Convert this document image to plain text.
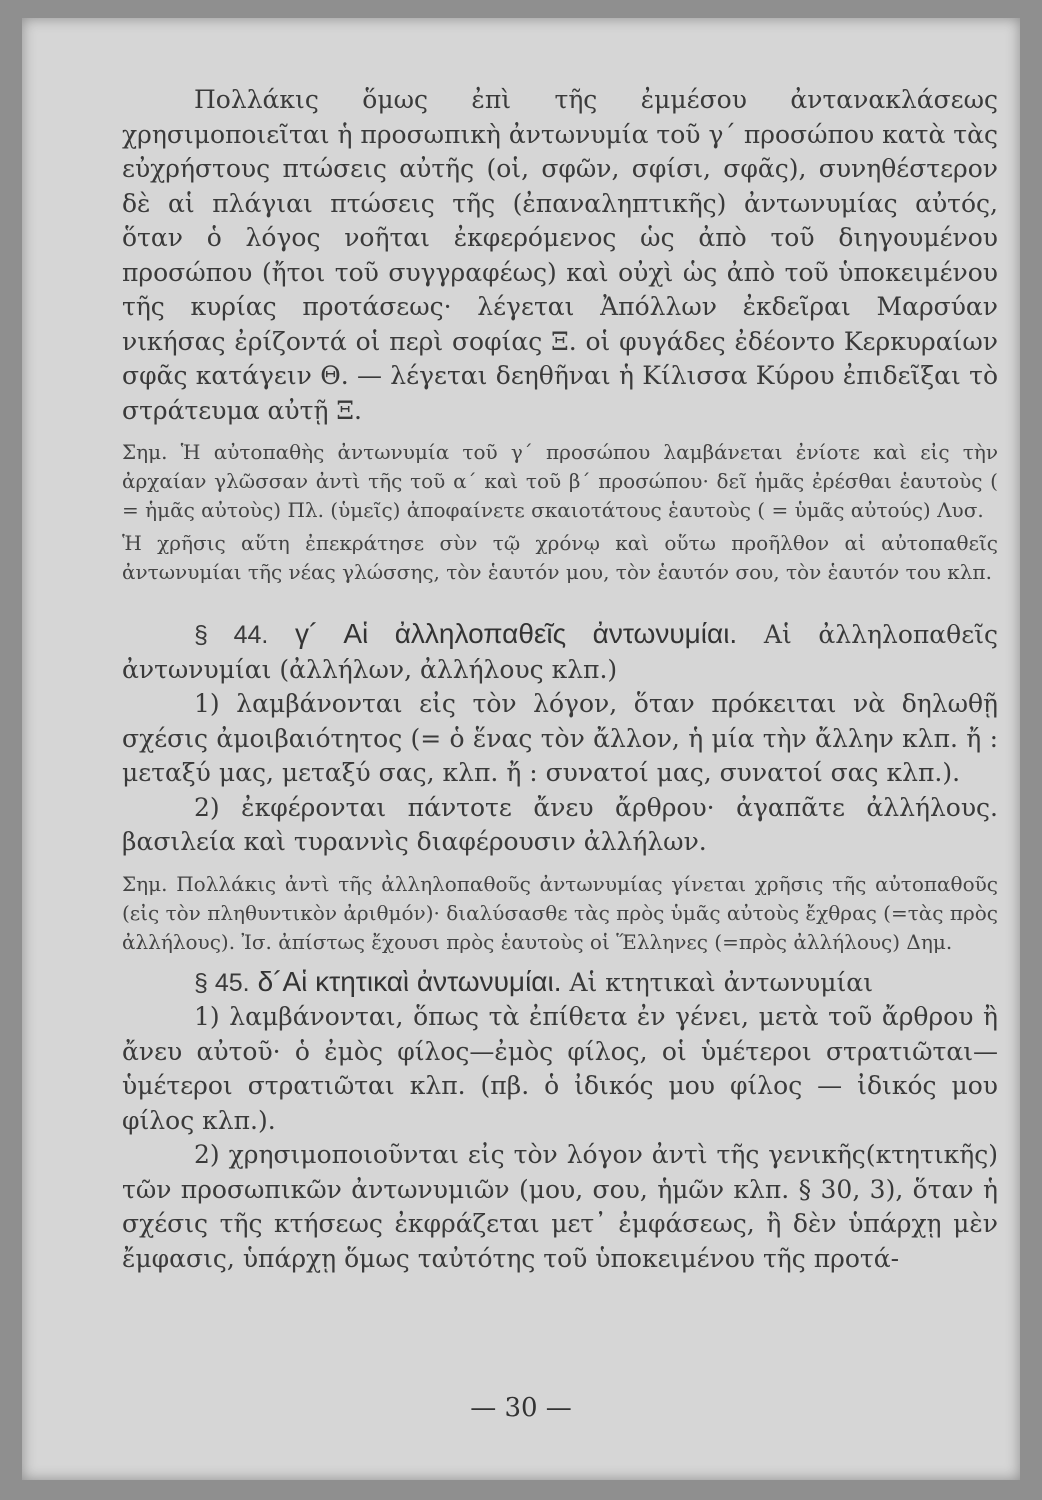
Πολλάκις ὅμως ἐπὶ τῆς ἐμμέσου ἀντανακλάσεως χρησιμοποιεῖται ἡ προσωπικὴ ἀντωνυμία τοῦ γ´ προσώπου κατὰ τὰς εὐχρήστους πτώσεις αὐτῆς (οἱ, σφῶν, σφίσι, σφᾶς), συνηθέστερον δὲ αἱ πλάγιαι πτώσεις τῆς (ἐπαναληπτικῆς) ἀντωνυμίας αὐτός, ὅταν ὁ λόγος νοῆται ἐκφερόμενος ὡς ἀπὸ τοῦ διηγουμένου προσώπου (ἤτοι τοῦ συγγραφέως) καὶ οὐχὶ ὡς ἀπὸ τοῦ ὑποκειμένου τῆς κυρίας προτάσεως· λέγεται Ἀπόλλων ἐκδεῖραι Μαρσύαν νικήσας ἐρίζοντά οἱ περὶ σοφίας Ξ. οἱ φυγάδες ἐδέοντο Κερκυραίων σφᾶς κατάγειν Θ. — λέγεται δεηθῆναι ἡ Κίλισσα Κύρου ἐπιδεῖξαι τὸ στράτευμα αὐτῇ Ξ.

Σημ. Ἡ αὐτοπαθὴς ἀντωνυμία τοῦ γ´ προσώπου λαμβάνεται ἐνίοτε καὶ εἰς τὴν ἀρχαίαν γλῶσσαν ἀντὶ τῆς τοῦ α´ καὶ τοῦ β´ προσώπου· δεῖ ἡμᾶς ἐρέσθαι ἑαυτοὺς ( = ἡμᾶς αὐτοὺς) Πλ. (ὑμεῖς) ἀποφαίνετε σκαιοτάτους ἑαυτοὺς ( = ὑμᾶς αὐτούς) Λυσ.

Ἡ χρῆσις αὕτη ἐπεκράτησε σὺν τῷ χρόνῳ καὶ οὕτω προῆλθον αἱ αὐτοπαθεῖς ἀντωνυμίαι τῆς νέας γλώσσης, τὸν ἑαυτόν μου, τὸν ἑαυτόν σου, τὸν ἑαυτόν του κλπ.

§ 44. γ´ Αἱ ἀλληλοπαθεῖς ἀντωνυμίαι. Αἱ ἀλληλοπαθεῖς ἀντωνυμίαι (ἀλλήλων, ἀλλήλους κλπ.)

1) λαμβάνονται εἰς τὸν λόγον, ὅταν πρόκειται νὰ δηλωθῇ σχέσις ἀμοιβαιότητος (= ὁ ἕνας τὸν ἄλλον, ἡ μία τὴν ἄλλην κλπ. ἤ : μεταξύ μας, μεταξύ σας, κλπ. ἤ : συνατοί μας, συνατοί σας κλπ.).

2) ἐκφέρονται πάντοτε ἄνευ ἄρθρου· ἀγαπᾶτε ἀλλήλους. βασιλεία καὶ τυραννὶς διαφέρουσιν ἀλλήλων.

Σημ. Πολλάκις ἀντὶ τῆς ἀλληλοπαθοῦς ἀντωνυμίας γίνεται χρῆσις τῆς αὐτοπαθοῦς (εἰς τὸν πληθυντικὸν ἀριθμόν)· διαλύσασθε τὰς πρὸς ὑμᾶς αὐτοὺς ἔχθρας (=τὰς πρὸς ἀλλήλους). Ἰσ. ἀπίστως ἔχουσι πρὸς ἑαυτοὺς οἱ Ἕλληνες (=πρὸς ἀλλήλους) Δημ.

§ 45. δ´Αἱ κτητικαὶ ἀντωνυμίαι. Αἱ κτητικαὶ ἀντωνυμίαι

1) λαμβάνονται, ὅπως τὰ ἐπίθετα ἐν γένει, μετὰ τοῦ ἄρθρου ἢ ἄνευ αὐτοῦ· ὁ ἐμὸς φίλος—ἐμὸς φίλος, οἱ ὑμέτεροι στρατιῶται—ὑμέτεροι στρατιῶται κλπ. (πβ. ὁ ἰδικός μου φίλος — ἰδικός μου φίλος κλπ.).

2) χρησιμοποιοῦνται εἰς τὸν λόγον ἀντὶ τῆς γενικῆς(κτητικῆς) τῶν προσωπικῶν ἀντωνυμιῶν (μου, σου, ἡμῶν κλπ. § 30, 3), ὅταν ἡ σχέσις τῆς κτήσεως ἐκφράζεται μετ᾽ ἐμφάσεως, ἢ δὲν ὑπάρχῃ μὲν ἔμφασις, ὑπάρχῃ ὅμως ταὐτότης τοῦ ὑποκειμένου τῆς προτά-

— 30 —
